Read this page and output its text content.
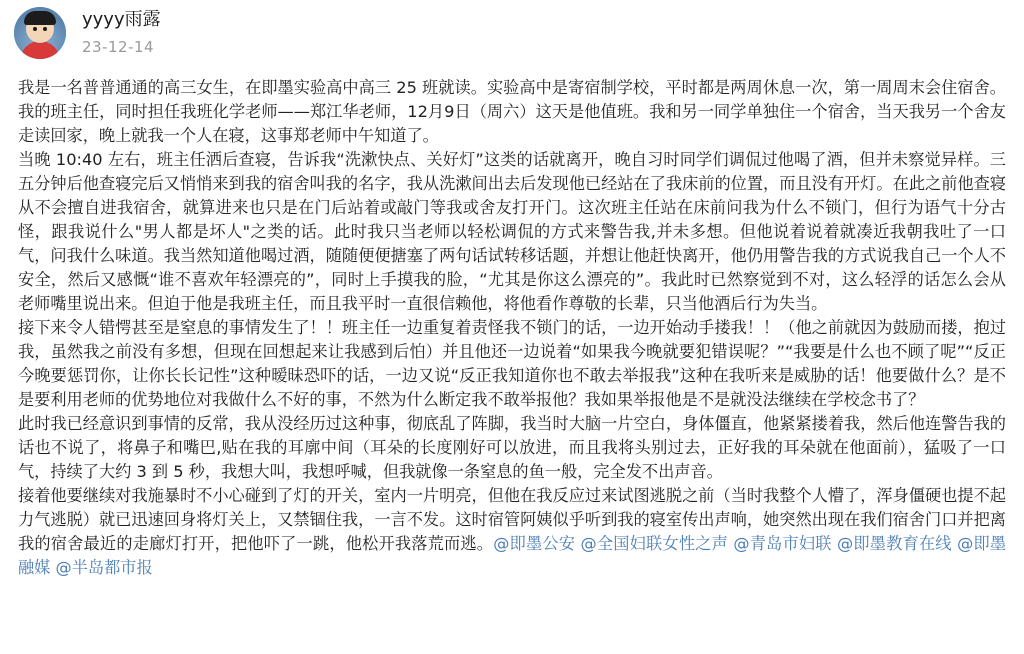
yyyy雨露
23-12-14

我是一名普普通通的高三女生，在即墨实验高中高三 25 班就读。实验高中是寄宿制学校，平时都是两周休息一次，第一周周末会住宿舍。我的班主任，同时担任我班化学老师——郑江华老师，12月9日（周六）这天是他值班。我和另一同学单独住一个宿舍，当天我另一个舍友走读回家，晚上就我一个人在寝，这事郑老师中午知道了。

当晚 10:40 左右，班主任洒后查寝，告诉我“洗漱快点、关好灯”这类的话就离开，晚自习时同学们调侃过他喝了酒，但并未察觉异样。三五分钟后他查寝完后又悄悄来到我的宿舍叫我的名字，我从洗漱间出去后发现他已经站在了我床前的位置，而且没有开灯。在此之前他查寝从不会擅自进我宿舍，就算进来也只是在门后站着或敲门等我或舍友打开门。这次班主任站在床前问我为什么不锁门，但行为语气十分古怪，跟我说什么"男人都是坏人"之类的话。此时我只当老师以轻松调侃的方式来警告我,并未多想。但他说着说着就凑近我朝我吐了一口气，问我什么味道。我当然知道他喝过酒，随随便便搪塞了两句话试转移话题，并想让他赶快离开，他仍用警告我的方式说我自己一个人不安全，然后又感慨“谁不喜欢年轻漂亮的”，同时上手摸我的脸，“尤其是你这么漂亮的”。我此时已然察觉到不对，这么轻浮的话怎么会从老师嘴里说出来。但迫于他是我班主任，而且我平时一直很信赖他，将他看作尊敬的长辈，只当他酒后行为失当。

接下来令人错愕甚至是窒息的事情发生了！！班主任一边重复着责怪我不锁门的话，一边开始动手搂我！！（他之前就因为鼓励而搂，抱过我，虽然我之前没有多想，但现在回想起来让我感到后怕）并且他还一边说着“如果我今晚就要犯错误呢？”“我要是什么也不顾了呢”“反正今晚要惩罚你，让你长长记性”这种暧昧恐吓的话，一边又说“反正我知道你也不敢去举报我”这种在我听来是威胁的话！他要做什么？是不是要利用老师的优势地位对我做什么不好的事，不然为什么断定我不敢举报他？我如果举报他是不是就没法继续在学校念书了？

此时我已经意识到事情的反常，我从没经历过这种事，彻底乱了阵脚，我当时大脑一片空白，身体僵直，他紧紧搂着我，然后他连警告我的话也不说了，将鼻子和嘴巴,贴在我的耳廓中间（耳朵的长度刚好可以放进，而且我将头别过去，正好我的耳朵就在他面前），猛吸了一口气，持续了大约 3 到 5 秒，我想大叫，我想呼喊，但我就像一条窒息的鱼一般，完全发不出声音。

接着他要继续对我施暴时不小心碰到了灯的开关，室内一片明亮，但他在我反应过来试图逃脱之前（当时我整个人懵了，浑身僵硬也提不起力气逃脱）就已迅速回身将灯关上，又禁锢住我，一言不发。这时宿管阿姨似乎听到我的寝室传出声响，她突然出现在我们宿舍门口并把离我的宿舍最近的走廊灯打开，把他吓了一跳，他松开我落荒而逃。@即墨公安 @全国妇联女性之声 @青岛市妇联 @即墨教育在线 @即墨融媒 @半岛都市报
